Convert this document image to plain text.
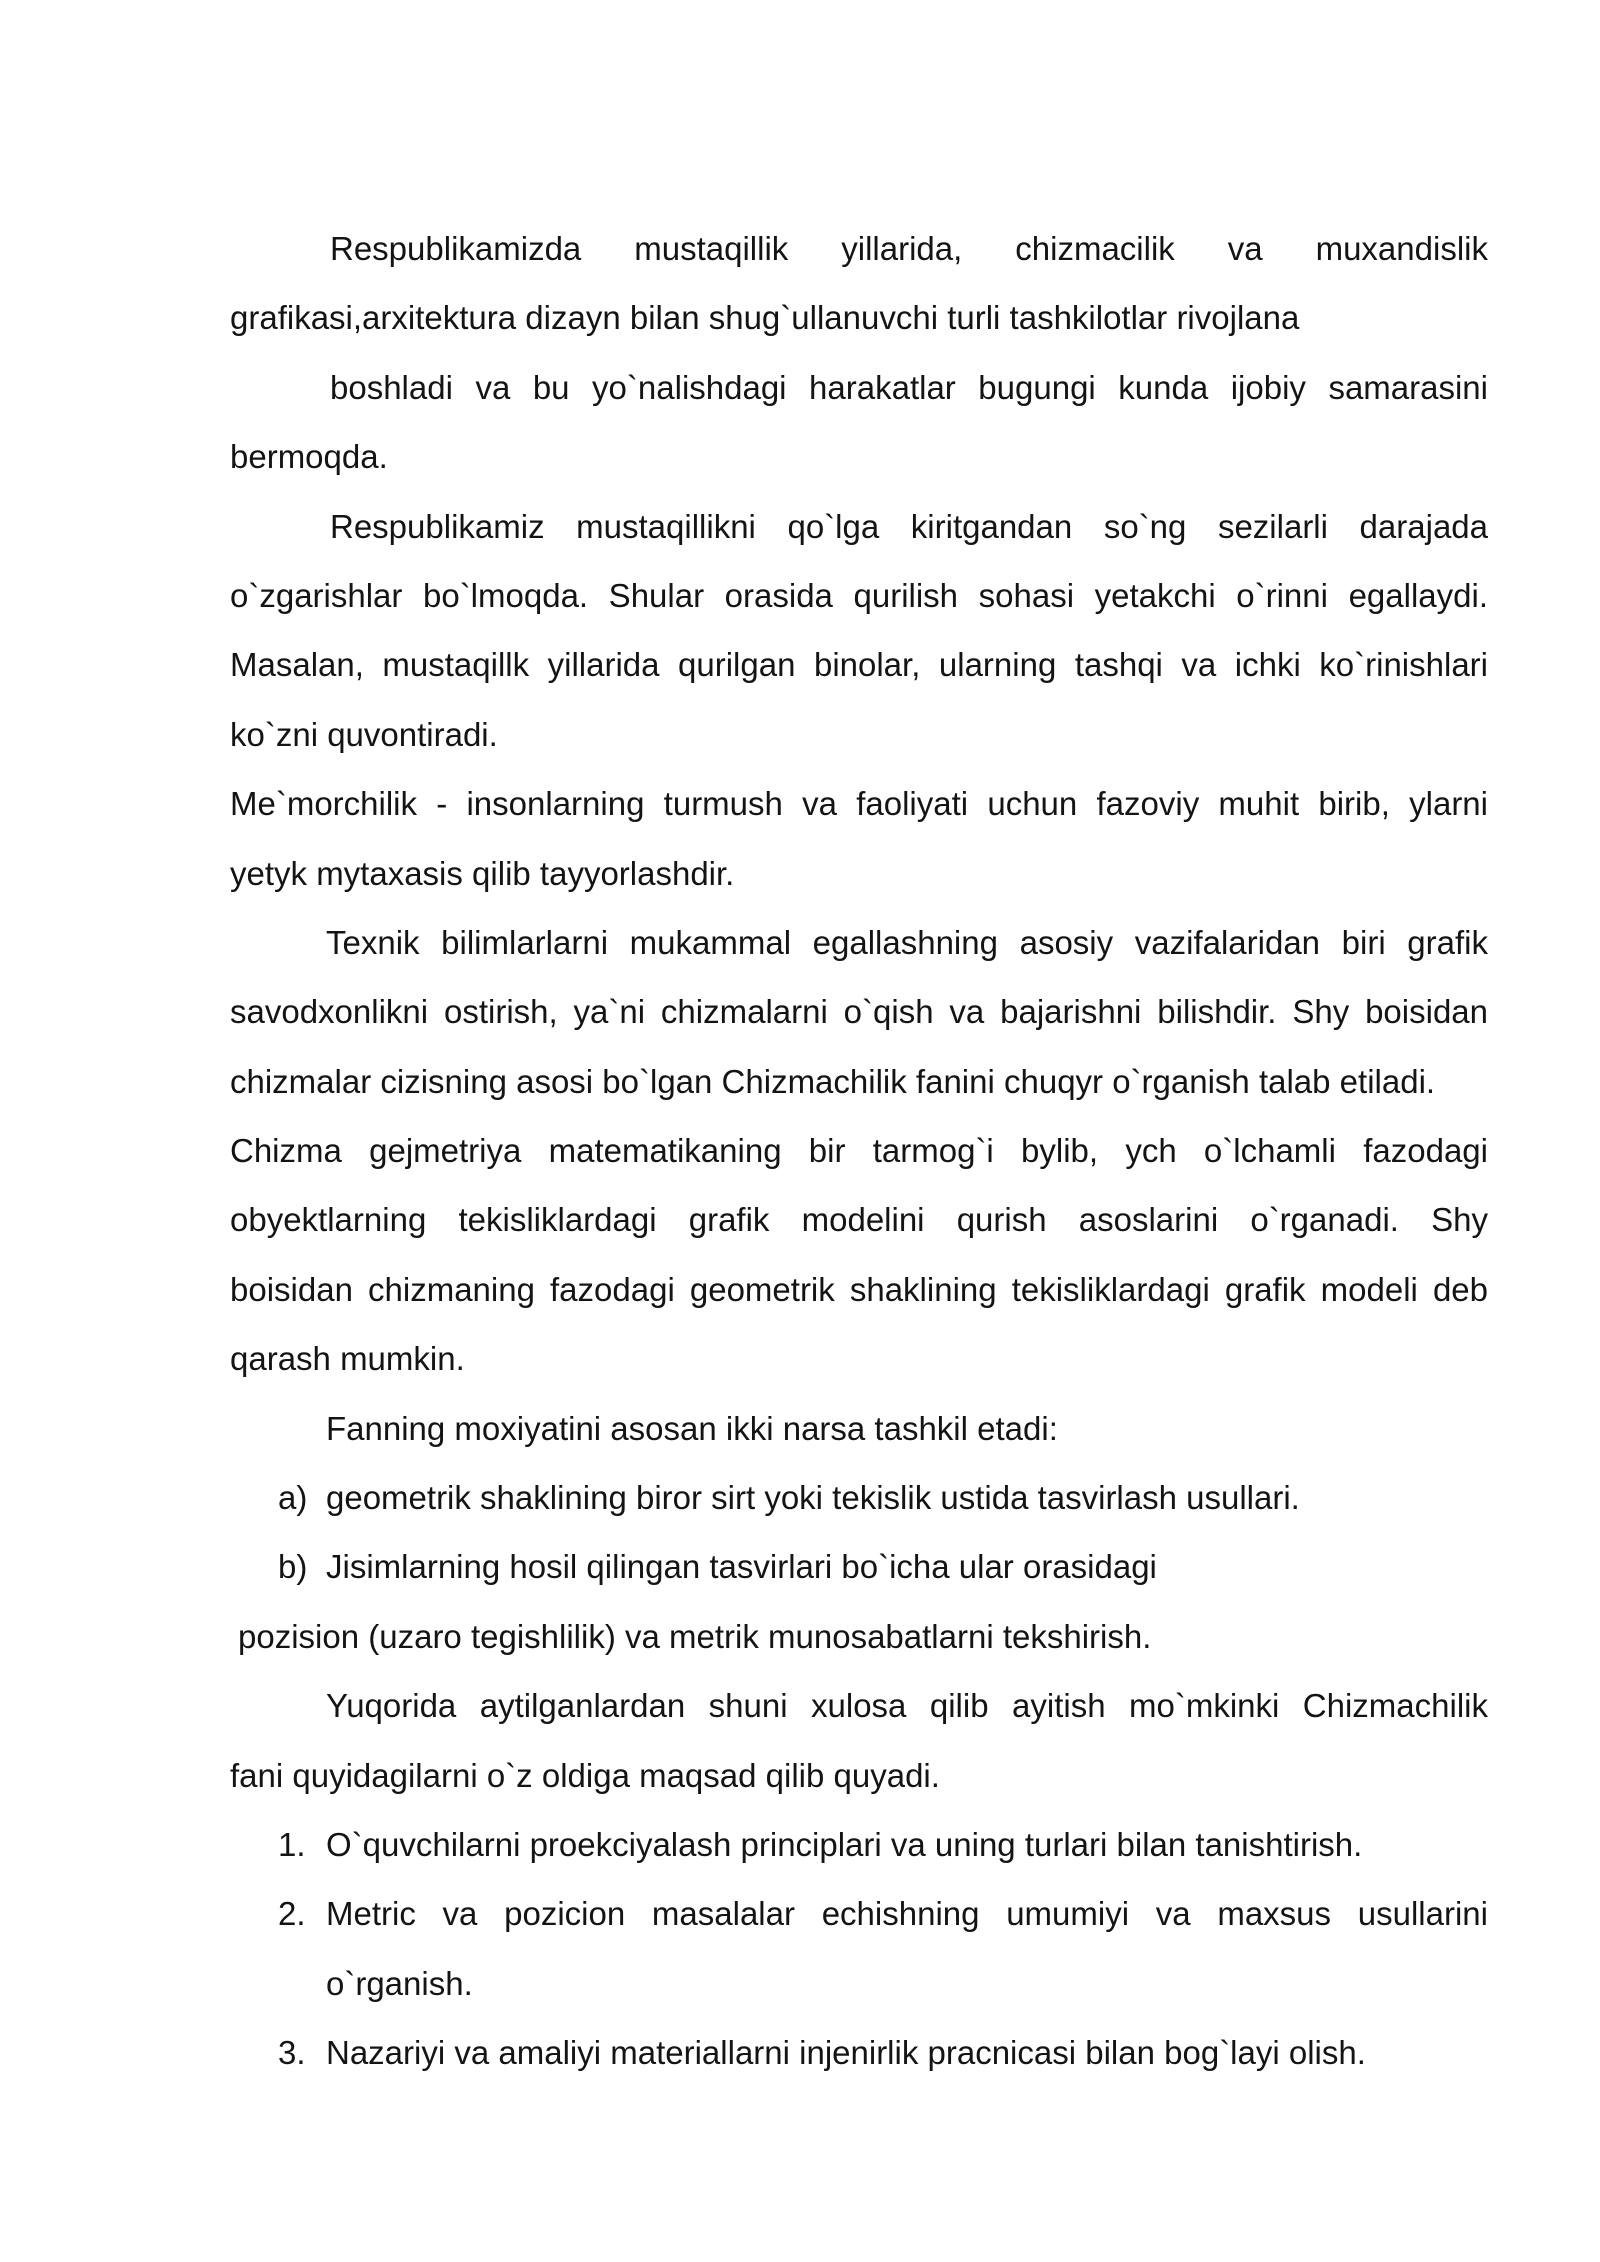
Respublikamizda mustaqillik yillarida, chizmacilik va muxandislik
grafikasi,arxitektura dizayn bilan shug`ullanuvchi turli tashkilotlar rivojlana
boshladi va bu yo`nalishdagi harakatlar bugungi kunda ijobiy samarasini
bermoqda.
Respublikamiz mustaqillikni qo`lga kiritgandan so`ng sezilarli darajada
o`zgarishlar bo`lmoqda. Shular orasida qurilish sohasi yetakchi o`rinni egallaydi.
Masalan, mustaqillk yillarida qurilgan binolar, ularning tashqi va ichki ko`rinishlari
ko`zni quvontiradi.
Me`morchilik - insonlarning turmush va faoliyati uchun fazoviy muhit birib, ylarni
yetyk mytaxasis qilib tayyorlashdir.
Texnik bilimlarlarni mukammal egallashning asosiy vazifalaridan biri grafik
savodxonlikni ostirish, ya`ni chizmalarni o`qish va bajarishni bilishdir. Shy boisidan
chizmalar cizisning asosi bo`lgan Chizmachilik fanini chuqyr o`rganish talab etiladi.
Chizma gejmetriya matematikaning bir tarmog`i bylib, ych o`lchamli fazodagi
obyektlarning tekisliklardagi grafik modelini qurish asoslarini o`rganadi. Shy
boisidan chizmaning fazodagi geometrik shaklining tekisliklardagi grafik modeli deb
qarash mumkin.
Fanning moxiyatini asosan ikki narsa tashkil etadi:
a) geometrik shaklining biror sirt yoki tekislik ustida tasvirlash usullari.
b) Jisimlarning hosil qilingan tasvirlari bo`icha ular orasidagi
pozision (uzaro tegishlilik) va metrik munosabatlarni tekshirish.
Yuqorida aytilganlardan shuni xulosa qilib ayitish mo`mkinki Chizmachilik
fani quyidagilarni o`z oldiga maqsad qilib quyadi.
1. O`quvchilarni proekciyalash principlari va uning turlari bilan tanishtirish.
2. Metric va pozicion masalalar echishning umumiyi va maxsus usullarini
o`rganish.
3. Nazariyi va amaliyi materiallarni injenirlik pracnicasi bilan bog`layi olish.
